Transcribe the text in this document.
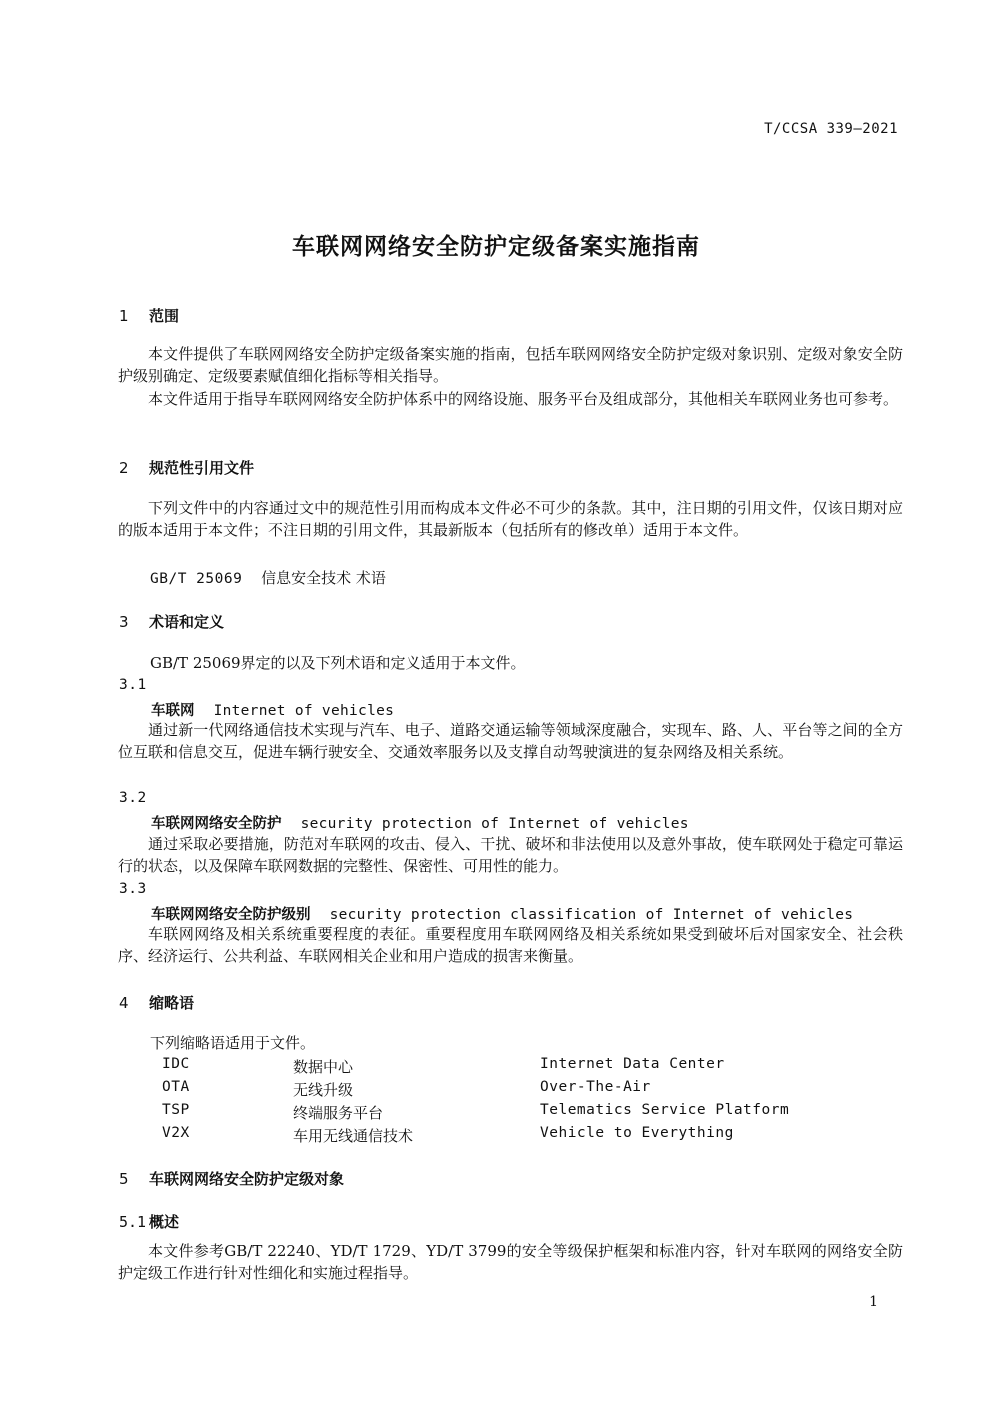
T/CCSA 339—2021
车联网网络安全防护定级备案实施指南
1 范围
本文件提供了车联网网络安全防护定级备案实施的指南，包括车联网网络安全防护定级对象识别、定级对象安全防护级别确定、定级要素赋值细化指标等相关指导。
本文件适用于指导车联网网络安全防护体系中的网络设施、服务平台及组成部分，其他相关车联网业务也可参考。
2 规范性引用文件
下列文件中的内容通过文中的规范性引用而构成本文件必不可少的条款。其中，注日期的引用文件，仅该日期对应的版本适用于本文件；不注日期的引用文件，其最新版本（包括所有的修改单）适用于本文件。
GB/T 25069 信息安全技术 术语
3 术语和定义
GB/T 25069界定的以及下列术语和定义适用于本文件。
3.1
车联网 Internet of vehicles
通过新一代网络通信技术实现与汽车、电子、道路交通运输等领域深度融合，实现车、路、人、平台等之间的全方位互联和信息交互，促进车辆行驶安全、交通效率服务以及支撑自动驾驶演进的复杂网络及相关系统。
3.2
车联网网络安全防护 security protection of Internet of vehicles
通过采取必要措施，防范对车联网的攻击、侵入、干扰、破坏和非法使用以及意外事故，使车联网处于稳定可靠运行的状态，以及保障车联网数据的完整性、保密性、可用性的能力。
3.3
车联网网络安全防护级别 security protection classification of Internet of vehicles
车联网网络及相关系统重要程度的表征。重要程度用车联网网络及相关系统如果受到破坏后对国家安全、社会秩序、经济运行、公共利益、车联网相关企业和用户造成的损害来衡量。
4 缩略语
下列缩略语适用于文件。
IDC	数据中心	Internet Data Center
OTA	无线升级	Over-The-Air
TSP	终端服务平台	Telematics Service Platform
V2X	车用无线通信技术	Vehicle to Everything
5 车联网网络安全防护定级对象
5.1 概述
本文件参考GB/T 22240、YD/T 1729、YD/T 3799的安全等级保护框架和标准内容，针对车联网的网络安全防护定级工作进行针对性细化和实施过程指导。
1
